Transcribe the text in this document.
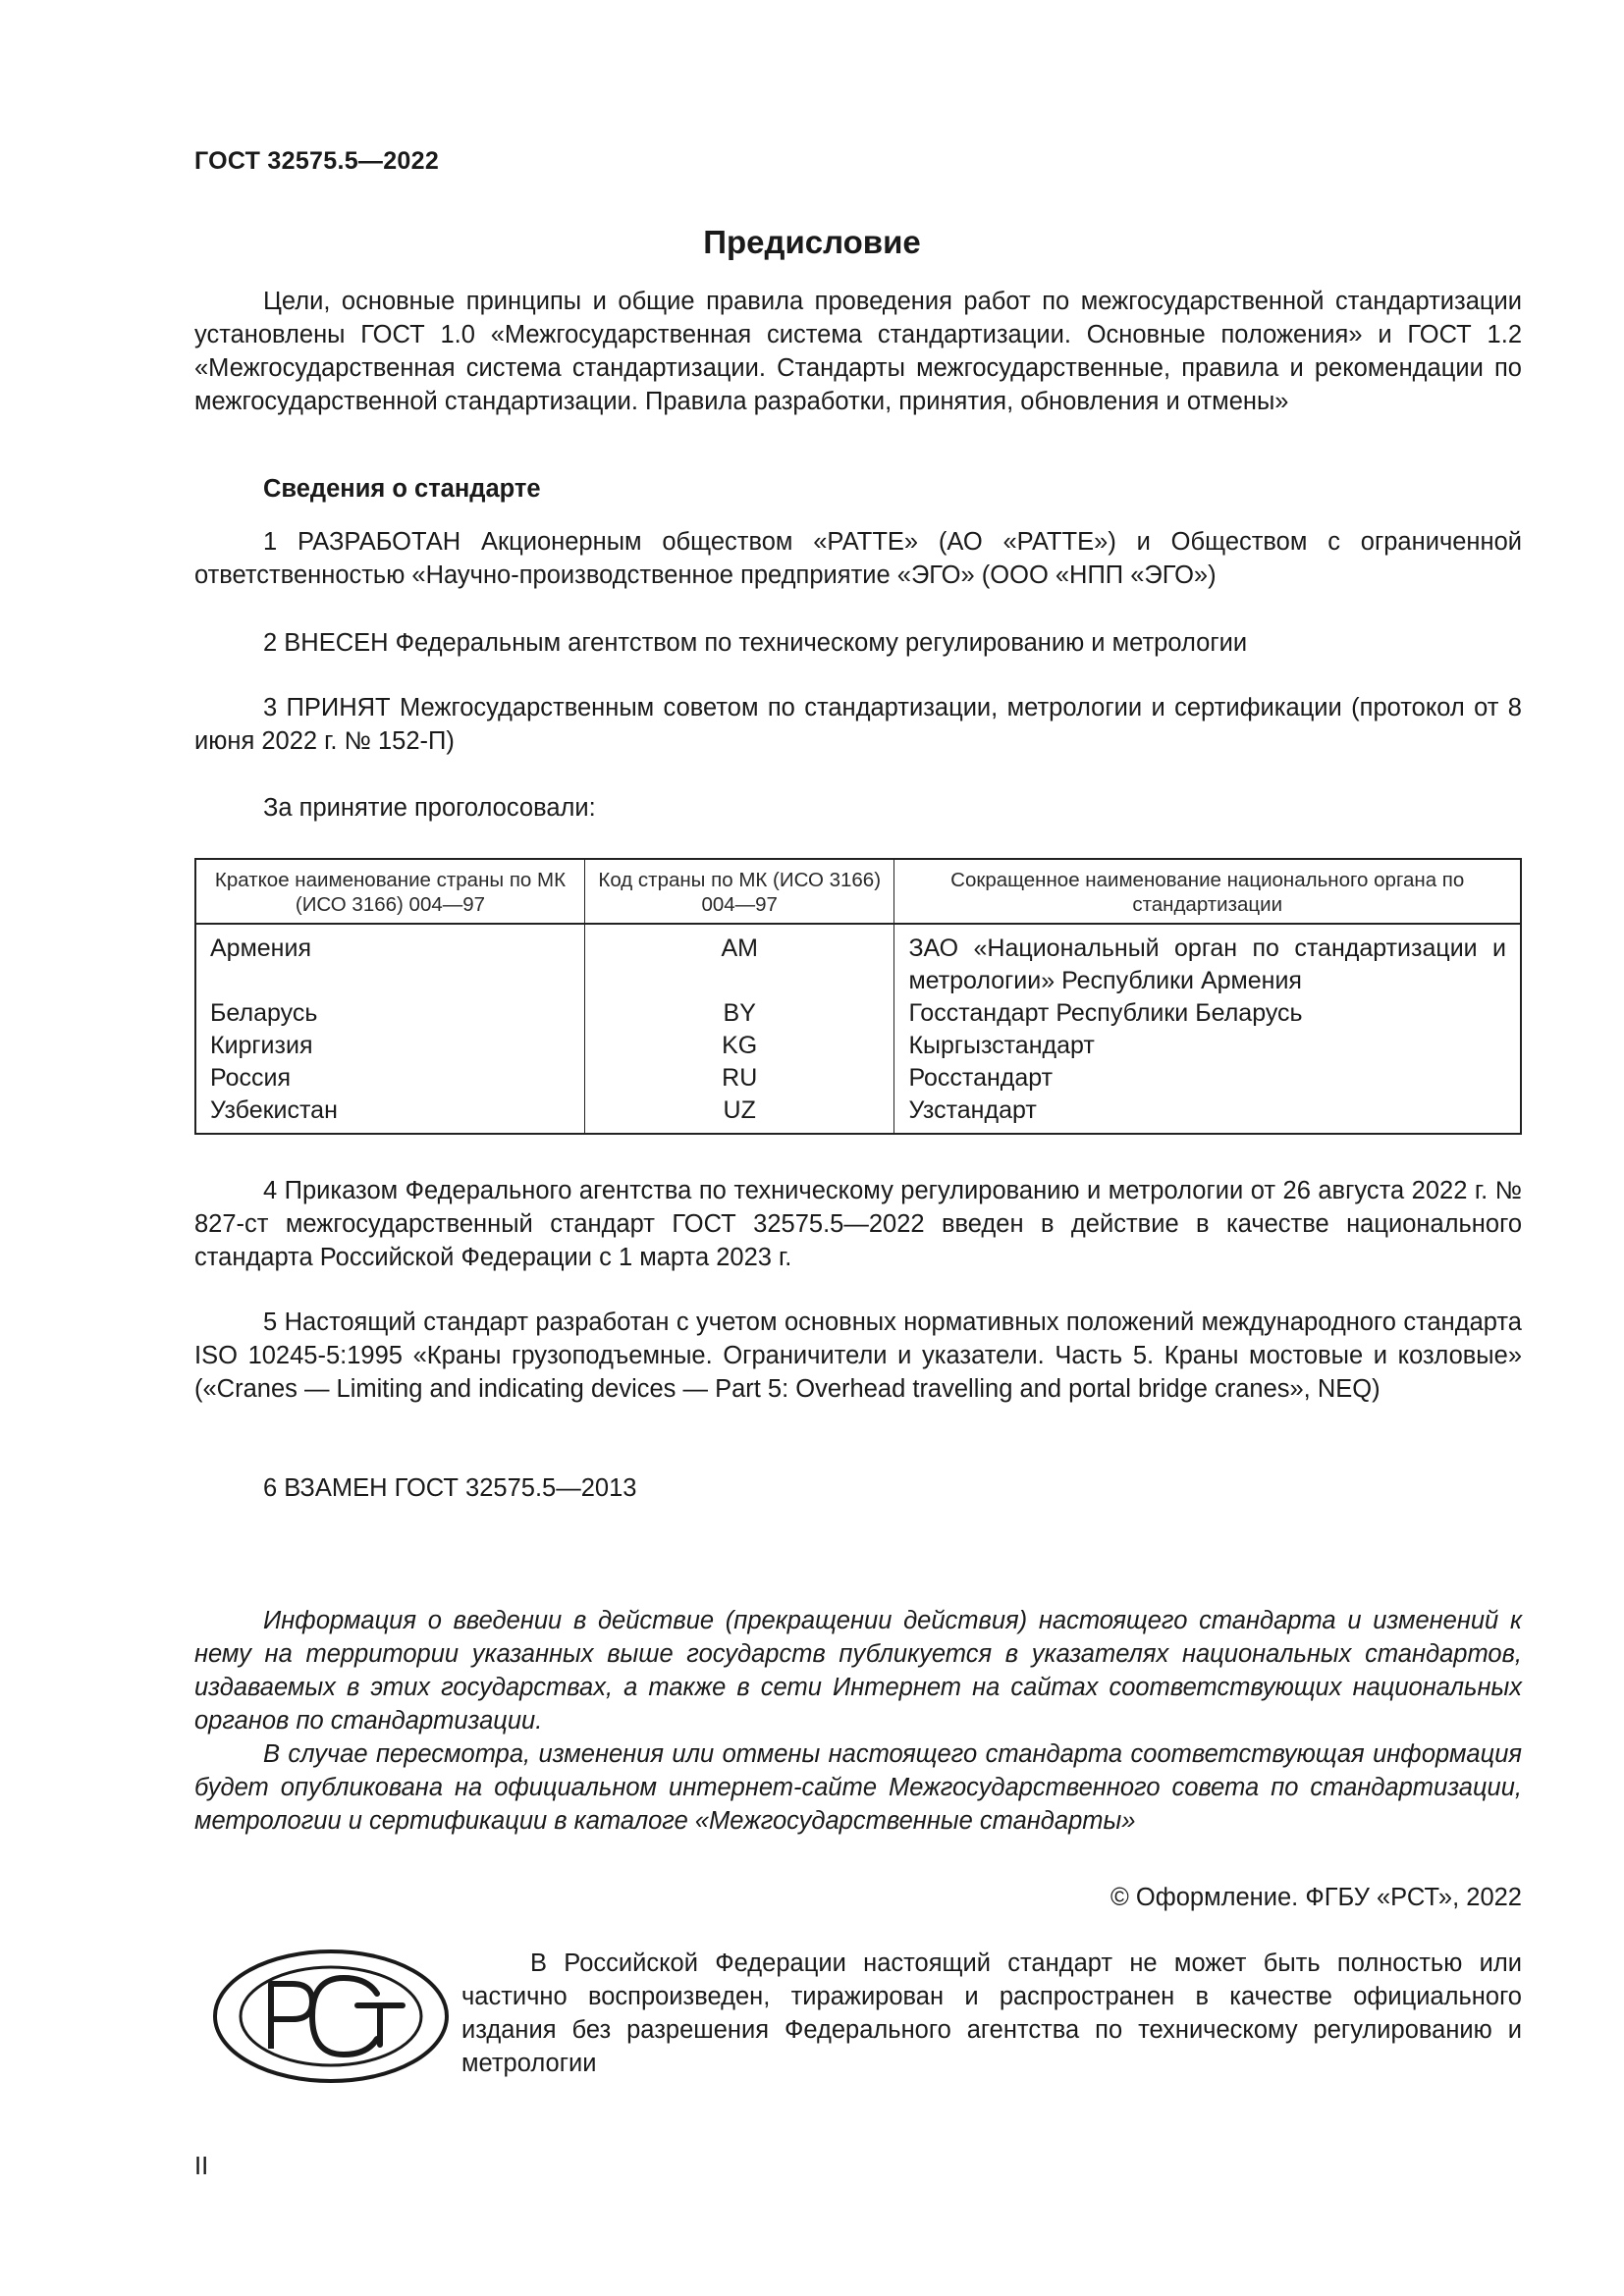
ГОСТ 32575.5—2022
Предисловие

Цели, основные принципы и общие правила проведения работ по межгосударственной стандартизации установлены ГОСТ 1.0 «Межгосударственная система стандартизации. Основные положения» и ГОСТ 1.2 «Межгосударственная система стандартизации. Стандарты межгосударственные, правила и рекомендации по межгосударственной стандартизации. Правила разработки, принятия, обновления и отмены»

Сведения о стандарте

1 РАЗРАБОТАН Акционерным обществом «РАТТЕ» (АО «РАТТЕ») и Обществом с ограниченной ответственностью «Научно-производственное предприятие «ЭГО» (ООО «НПП «ЭГО»)

2 ВНЕСЕН Федеральным агентством по техническому регулированию и метрологии

3 ПРИНЯТ Межгосударственным советом по стандартизации, метрологии и сертификации (протокол от 8 июня 2022 г. № 152-П)

За принятие проголосовали:

Краткое наименование страны по МК (ИСО 3166) 004—97	Код страны по МК (ИСО 3166) 004—97	Сокращенное наименование национального органа по стандартизации
Армения	AM	ЗАО «Национальный орган по стандартизации и метрологии» Республики Армения
Беларусь	BY	Госстандарт Республики Беларусь
Киргизия	KG	Кыргызстандарт
Россия	RU	Росстандарт
Узбекистан	UZ	Узстандарт

4 Приказом Федерального агентства по техническому регулированию и метрологии от 26 августа 2022 г. № 827-ст межгосударственный стандарт ГОСТ 32575.5—2022 введен в действие в качестве национального стандарта Российской Федерации с 1 марта 2023 г.

5 Настоящий стандарт разработан с учетом основных нормативных положений международного стандарта ISO 10245-5:1995 «Краны грузоподъемные. Ограничители и указатели. Часть 5. Краны мостовые и козловые» («Cranes — Limiting and indicating devices — Part 5: Overhead travelling and portal bridge cranes», NEQ)

6 ВЗАМЕН ГОСТ 32575.5—2013

Информация о введении в действие (прекращении действия) настоящего стандарта и изменений к нему на территории указанных выше государств публикуется в указателях национальных стандартов, издаваемых в этих государствах, а также в сети Интернет на сайтах соответствующих национальных органов по стандартизации.

В случае пересмотра, изменения или отмены настоящего стандарта соответствующая информация будет опубликована на официальном интернет-сайте Межгосударственного совета по стандартизации, метрологии и сертификации в каталоге «Межгосударственные стандарты»

© Оформление. ФГБУ «РСТ», 2022

В Российской Федерации настоящий стандарт не может быть полностью или частично воспроизведен, тиражирован и распространен в качестве официального издания без разрешения Федерального агентства по техническому регулированию и метрологии

II
